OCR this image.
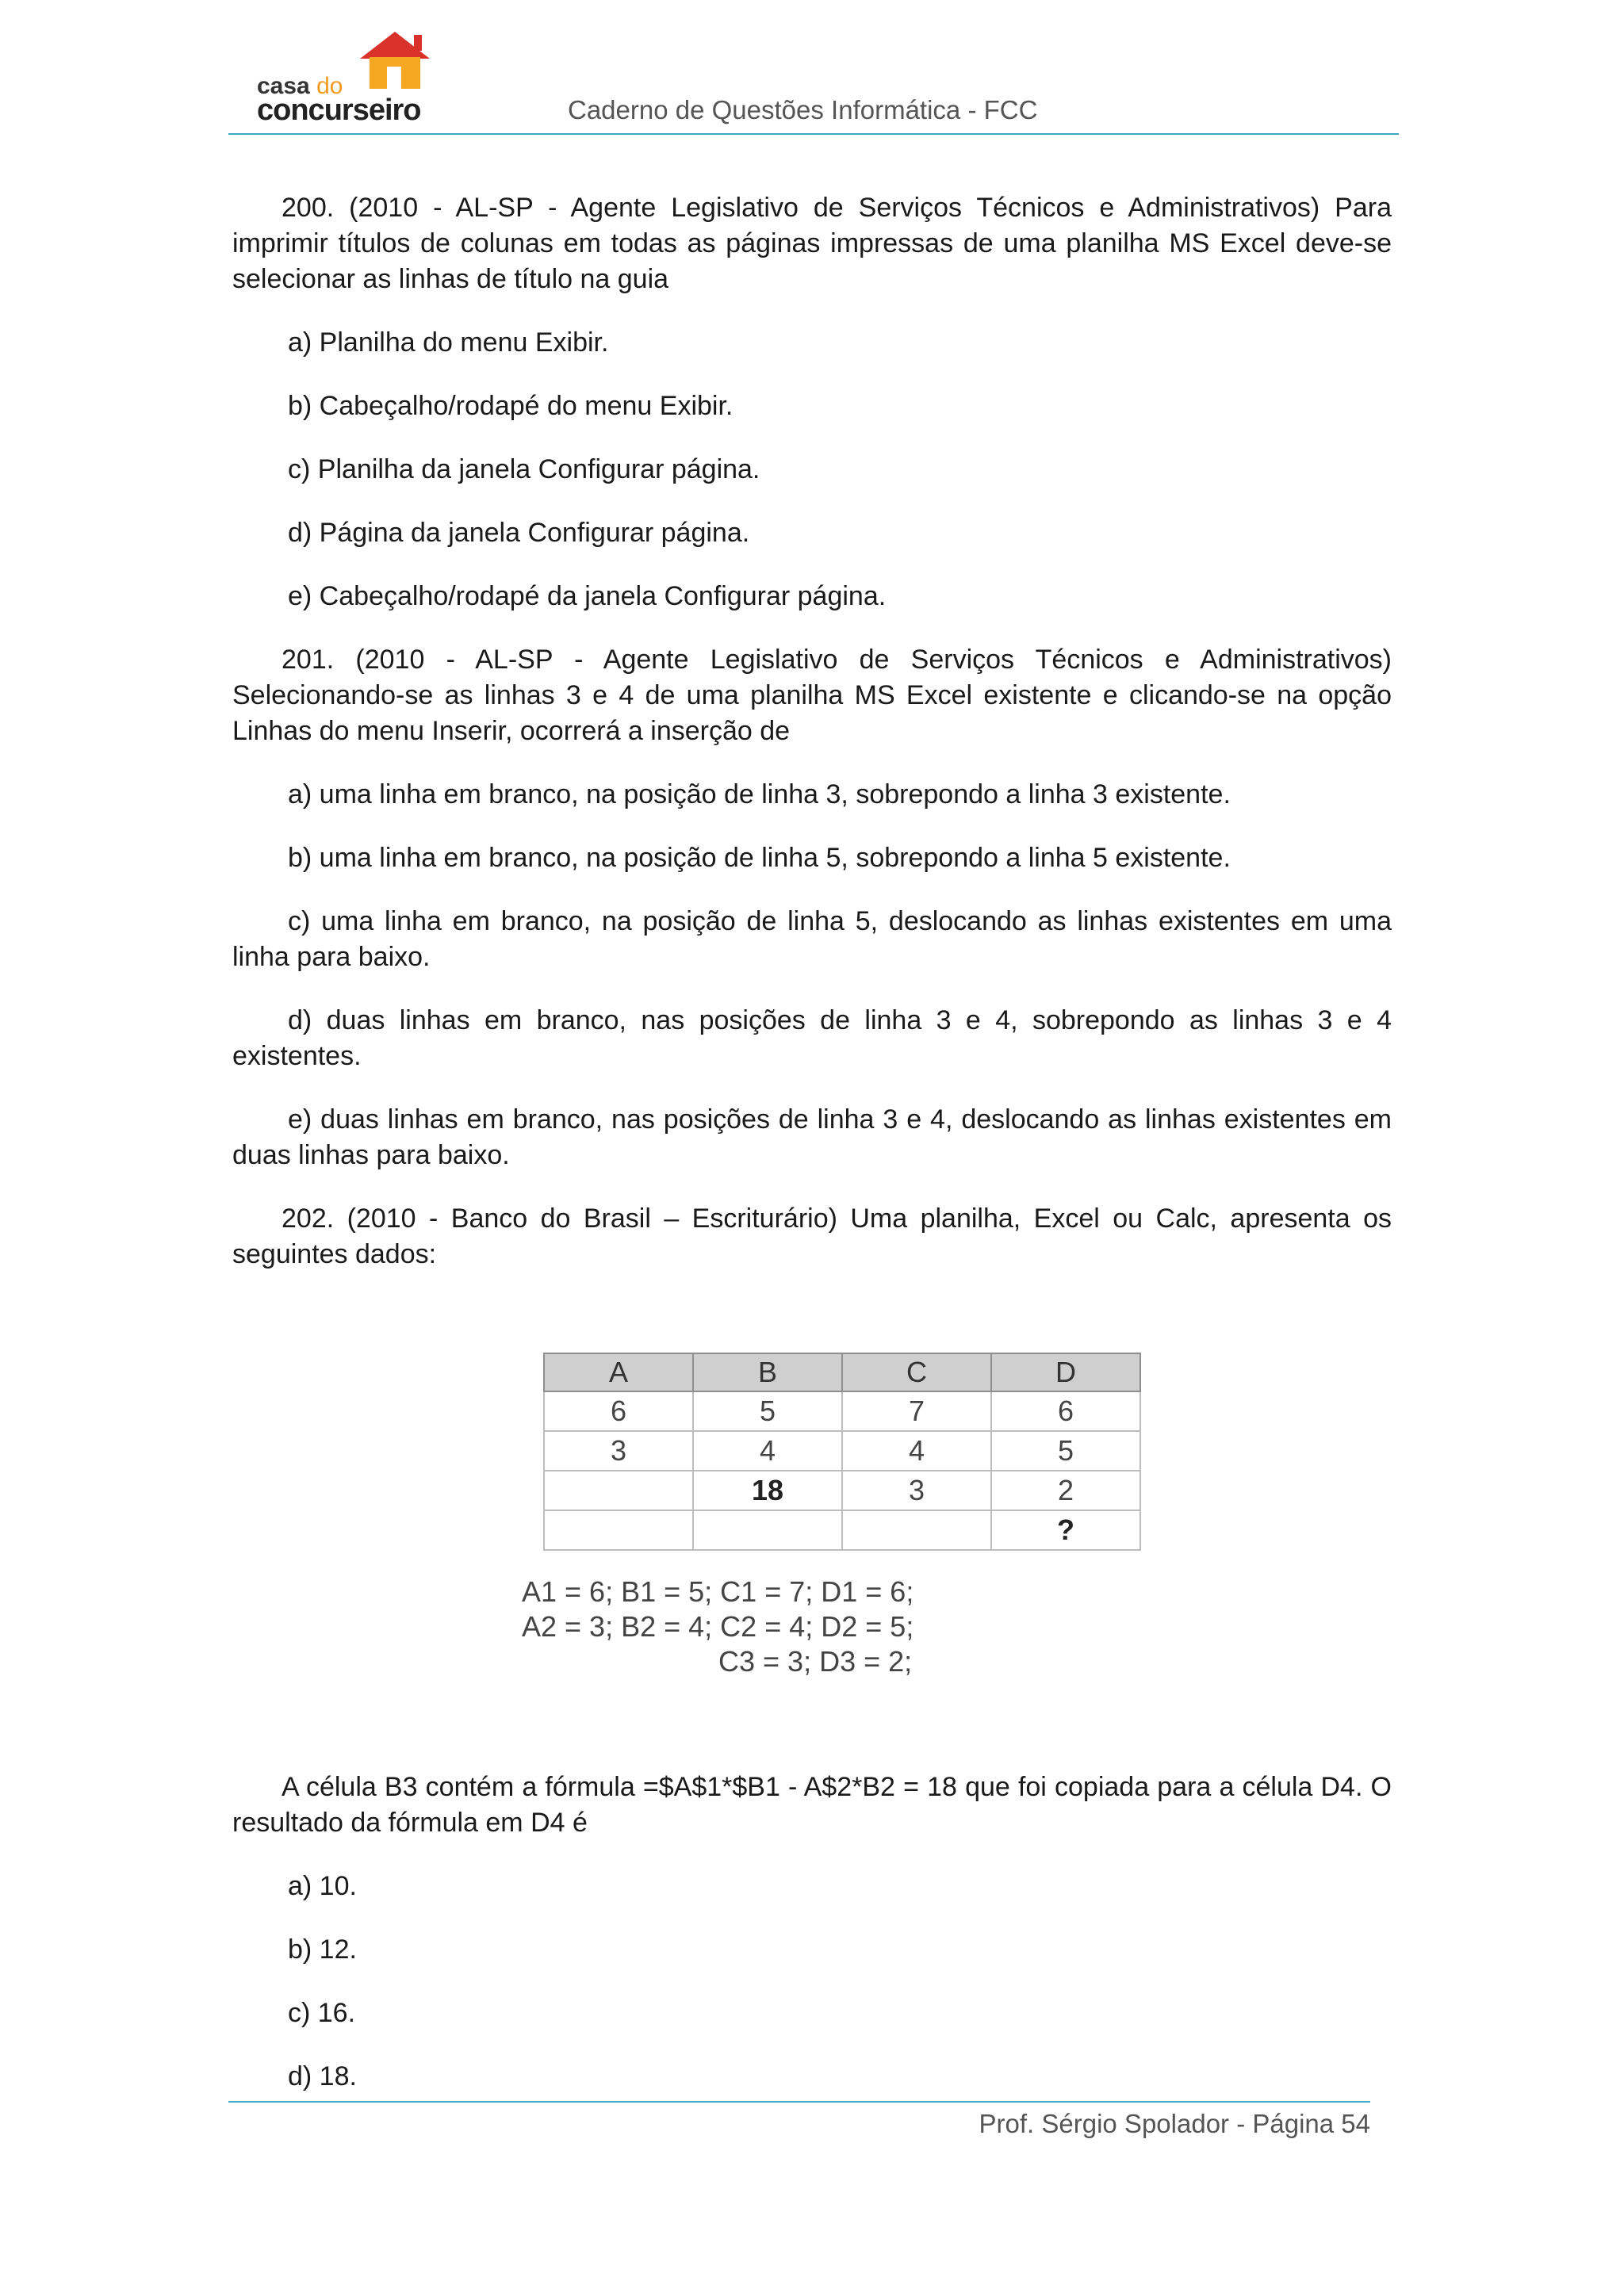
casa do
concurseiro	Caderno de Questões Informática - FCC

200. (2010 - AL-SP - Agente Legislativo de Serviços Técnicos e Administrativos) Para imprimir títulos de colunas em todas as páginas impressas de uma planilha MS Excel deve-se selecionar as linhas de título na guia

a) Planilha do menu Exibir.

b) Cabeçalho/rodapé do menu Exibir.

c) Planilha da janela Configurar página.

d) Página da janela Configurar página.

e) Cabeçalho/rodapé da janela Configurar página.

201. (2010 - AL-SP - Agente Legislativo de Serviços Técnicos e Administrativos) Selecionando-se as linhas 3 e 4 de uma planilha MS Excel existente e clicando-se na opção Linhas do menu Inserir, ocorrerá a inserção de

a) uma linha em branco, na posição de linha 3, sobrepondo a linha 3 existente.

b) uma linha em branco, na posição de linha 5, sobrepondo a linha 5 existente.

c) uma linha em branco, na posição de linha 5, deslocando as linhas existentes em uma linha para baixo.

d) duas linhas em branco, nas posições de linha 3 e 4, sobrepondo as linhas 3 e 4 existentes.

e) duas linhas em branco, nas posições de linha 3 e 4, deslocando as linhas existentes em duas linhas para baixo.

202. (2010 - Banco do Brasil – Escriturário) Uma planilha, Excel ou Calc, apresenta os seguintes dados:

A	B	C	D
6	5	7	6
3	4	4	5
	18	3	2
			?
A1 = 6; B1 = 5; C1 = 7; D1 = 6;
A2 = 3; B2 = 4; C2 = 4; D2 = 5;
C3 = 3; D3 = 2;

A célula B3 contém a fórmula =$A$1*$B1 - A$2*B2 = 18 que foi copiada para a célula D4. O resultado da fórmula em D4 é

a) 10.

b) 12.

c) 16.

d) 18.

Prof. Sérgio Spolador - Página 54
